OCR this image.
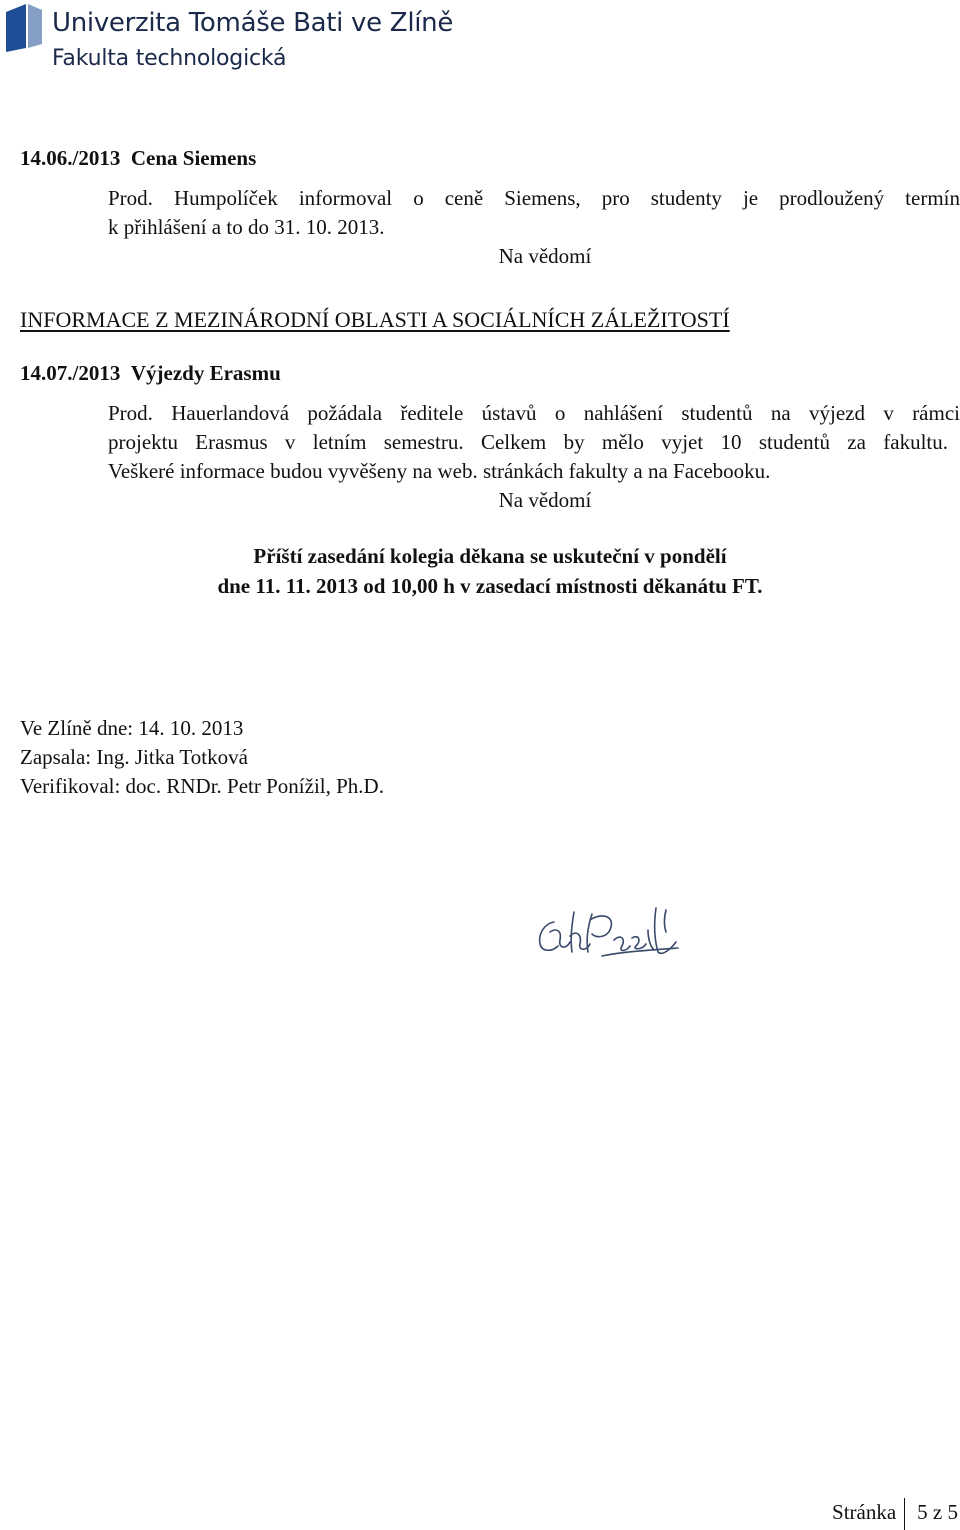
Univerzita Tomáše Bati ve Zlíně
Fakulta technologická
14.06./2013 Cena Siemens
Prod. Humpolíček informoval o ceně Siemens, pro studenty je prodloužený termín
k přihlášení a to do 31. 10. 2013.
Na vědomí
INFORMACE Z MEZINÁRODNÍ OBLASTI A SOCIÁLNÍCH ZÁLEŽITOSTÍ
14.07./2013 Výjezdy Erasmu
Prod. Hauerlandová požádala ředitele ústavů o nahlášení studentů na výjezd v rámci
projektu Erasmus v letním semestru. Celkem by mělo vyjet 10 studentů za fakultu.
Veškeré informace budou vyvěšeny na web. stránkách fakulty a na Facebooku.
Na vědomí
Příští zasedání kolegia děkana se uskuteční v pondělí
dne 11. 11. 2013 od 10,00 h v zasedací místnosti děkanátu FT.
Ve Zlíně dne: 14. 10. 2013
Zapsala: Ing. Jitka Totková
Verifikoval: doc. RNDr. Petr Ponížil, Ph.D.
Stránka	5 z 5
